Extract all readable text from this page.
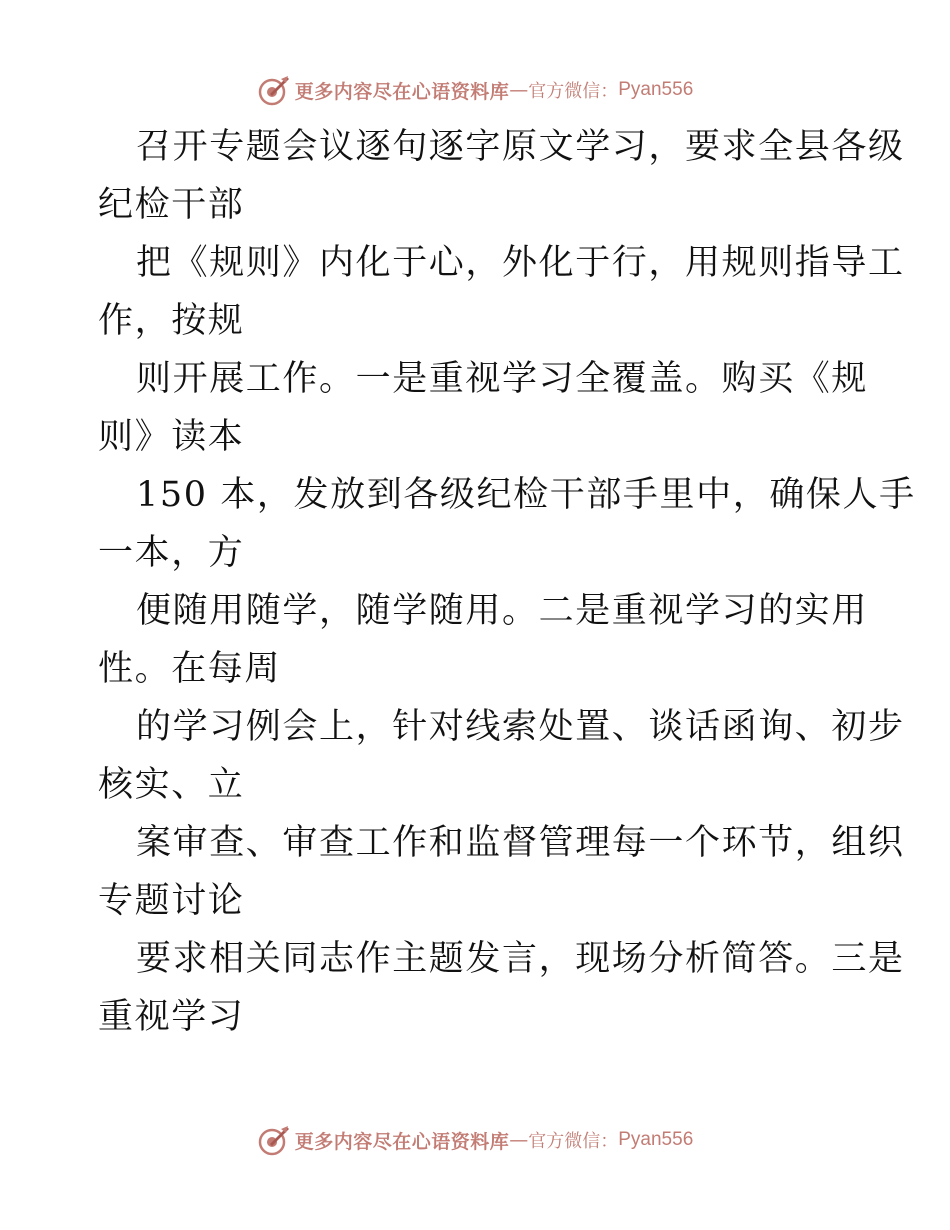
更多内容尽在心语资料库 — 官方微信： Pyan556
召开专题会议逐句逐字原文学习，要求全县各级
纪检干部
把《规则》内化于心，外化于行，用规则指导工
作，按规
则开展工作。一是重视学习全覆盖。购买《规
则》读本
150 本，发放到各级纪检干部手里中，确保人手
一本，方
便随用随学，随学随用。二是重视学习的实用
性。在每周
的学习例会上，针对线索处置、谈话函询、初步
核实、立
案审查、审查工作和监督管理每一个环节，组织
专题讨论
要求相关同志作主题发言，现场分析简答。三是
重视学习
更多内容尽在心语资料库 — 官方微信： Pyan556
